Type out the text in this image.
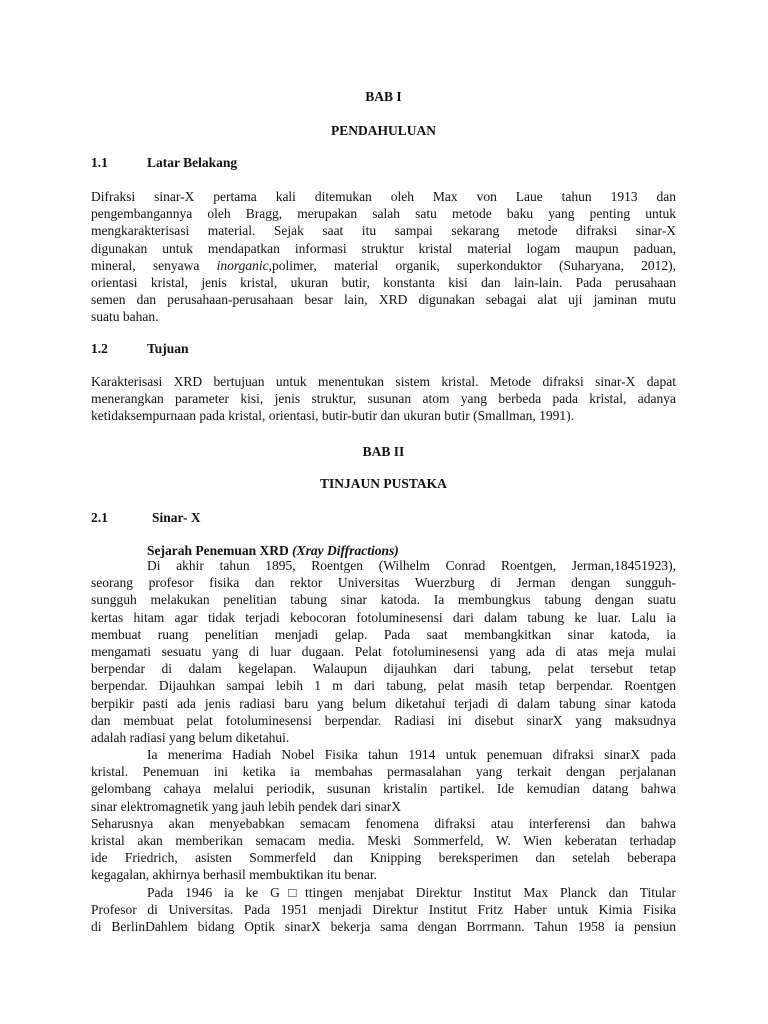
BAB I
PENDAHULUAN
1.1	Latar Belakang
Difraksi sinar-X pertama kali ditemukan oleh Max von Laue tahun 1913 dan
pengembangannya oleh Bragg, merupakan salah satu metode baku yang penting untuk
mengkarakterisasi material. Sejak saat itu sampai sekarang metode difraksi sinar-X
digunakan untuk mendapatkan informasi struktur kristal material logam maupun paduan,
mineral, senyawa inorganic,polimer, material organik, superkonduktor (Suharyana, 2012),
orientasi kristal, jenis kristal, ukuran butir, konstanta kisi dan lain-lain. Pada perusahaan
semen dan perusahaan-perusahaan besar lain, XRD digunakan sebagai alat uji jaminan mutu
suatu bahan.
1.2	Tujuan
Karakterisasi XRD bertujuan untuk menentukan sistem kristal. Metode difraksi sinar-X dapat
menerangkan parameter kisi, jenis struktur, susunan atom yang berbeda pada kristal, adanya
ketidaksempurnaan pada kristal, orientasi, butir-butir dan ukuran butir (Smallman, 1991).
BAB II
TINJAUN PUSTAKA
2.1	Sinar- X
Sejarah Penemuan XRD (Xray Diffractions)
Di akhir tahun 1895, Roentgen (Wilhelm Conrad Roentgen, Jerman,18451923),
seorang profesor fisika dan rektor Universitas Wuerzburg di Jerman dengan sungguh-
sungguh melakukan penelitian tabung sinar katoda. Ia membungkus tabung dengan suatu
kertas hitam agar tidak terjadi kebocoran fotoluminesensi dari dalam tabung ke luar. Lalu ia
membuat ruang penelitian menjadi gelap. Pada saat membangkitkan sinar katoda, ia
mengamati sesuatu yang di luar dugaan. Pelat fotoluminesensi yang ada di atas meja mulai
berpendar di dalam kegelapan. Walaupun dijauhkan dari tabung, pelat tersebut tetap
berpendar. Dijauhkan sampai lebih 1 m dari tabung, pelat masih tetap berpendar. Roentgen
berpikir pasti ada jenis radiasi baru yang belum diketahui terjadi di dalam tabung sinar katoda
dan membuat pelat fotoluminesensi berpendar. Radiasi ini disebut sinarX yang maksudnya
adalah radiasi yang belum diketahui.
Ia menerima Hadiah Nobel Fisika tahun 1914 untuk penemuan difraksi sinarX pada
kristal. Penemuan ini ketika ia membahas permasalahan yang terkait dengan perjalanan
gelombang cahaya melalui periodik, susunan kristalin partikel. Ide kemudian datang bahwa
sinar elektromagnetik yang jauh lebih pendek dari sinarX
Seharusnya akan menyebabkan semacam fenomena difraksi atau interferensi dan bahwa
kristal akan memberikan semacam media. Meski Sommerfeld, W. Wien keberatan terhadap
ide Friedrich, asisten Sommerfeld dan Knipping bereksperimen dan setelah beberapa
kegagalan, akhirnya berhasil membuktikan itu benar.
Pada 1946 ia ke G□ttingen menjabat Direktur Institut Max Planck dan Titular
Profesor di Universitas. Pada 1951 menjadi Direktur Institut Fritz Haber untuk Kimia Fisika
di BerlinDahlem bidang Optik sinarX bekerja sama dengan Borrmann. Tahun 1958 ia pensiun
